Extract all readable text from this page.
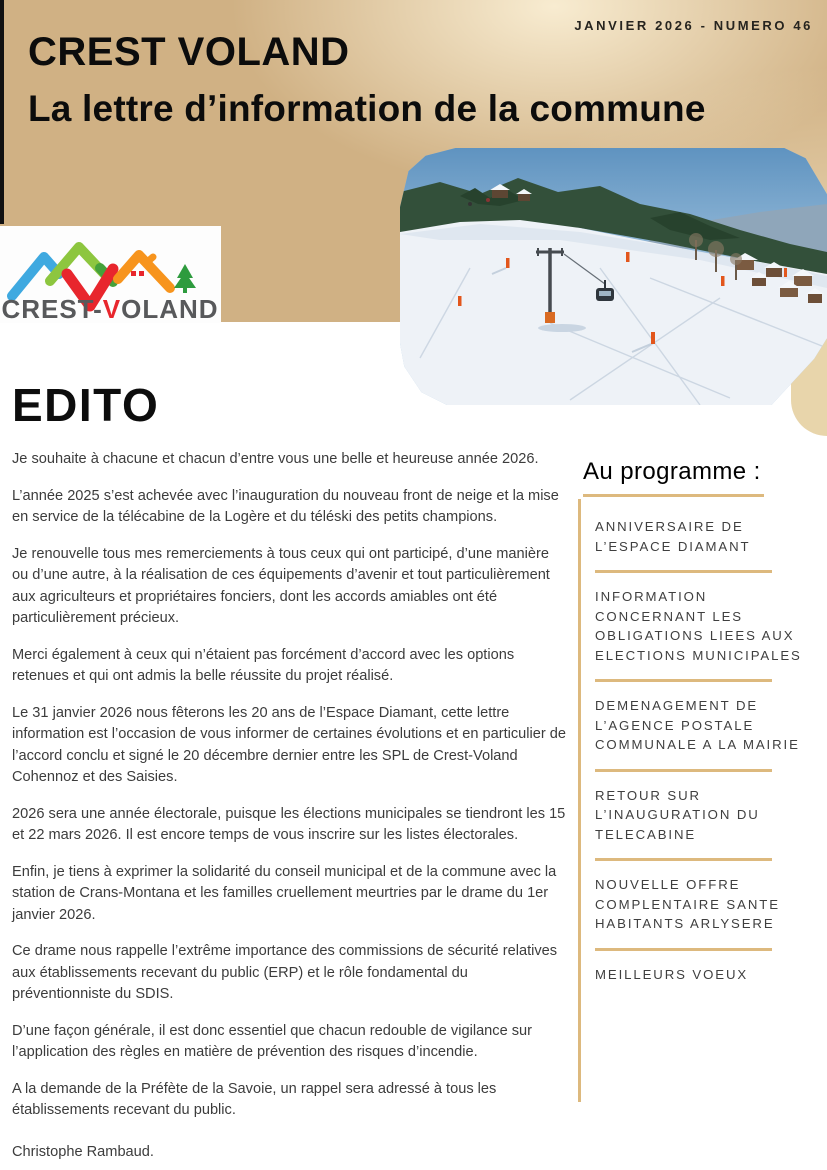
JANVIER 2026 - NUMERO 46
CREST VOLAND
La lettre d’information de la commune
CREST-VOLAND
EDITO

Je souhaite à chacune et chacun d’entre vous une belle et heureuse année 2026.

L’année 2025 s’est achevée avec l’inauguration du nouveau front de neige et la mise en service de la télécabine de la Logère et du téléski des petits champions.

Je renouvelle tous mes remerciements à tous ceux qui ont participé, d’une manière ou d’une autre, à la réalisation de ces équipements d’avenir et tout particulièrement aux agriculteurs et propriétaires fonciers, dont les accords amiables ont été particulièrement précieux.

Merci également à ceux qui n’étaient pas forcément d’accord avec les options retenues et qui ont admis la belle réussite du projet réalisé.

Le 31 janvier 2026 nous fêterons les 20 ans de l’Espace Diamant, cette lettre information est l’occasion de vous informer de certaines évolutions et en particulier de l’accord conclu et signé le 20 décembre dernier entre les SPL de Crest-Voland Cohennoz et des Saisies.

2026 sera une année électorale, puisque les élections municipales se tiendront les 15 et 22 mars 2026. Il est encore temps de vous inscrire sur les listes électorales.

Enfin, je tiens à exprimer la solidarité du conseil municipal et de la commune avec la station de Crans-Montana et les familles cruellement meurtries par le drame du 1er janvier 2026.

Ce drame nous rappelle l’extrême importance des commissions de sécurité relatives aux établissements recevant du public (ERP) et le rôle fondamental du préventionniste du SDIS.

D’une façon générale, il est donc essentiel que chacun redouble de vigilance sur l’application des règles en matière de prévention des risques d’incendie.

A la demande de la Préfète de la Savoie, un rappel sera adressé à tous les établissements recevant du public.

Christophe Rambaud.
Au programme :
ANNIVERSAIRE DE L’ESPACE DIAMANT
INFORMATION CONCERNANT LES OBLIGATIONS LIEES AUX ELECTIONS MUNICIPALES
DEMENAGEMENT DE L’AGENCE POSTALE COMMUNALE A LA MAIRIE
RETOUR SUR L’INAUGURATION DU TELECABINE
NOUVELLE OFFRE COMPLENTAIRE SANTE HABITANTS ARLYSERE
MEILLEURS VOEUX
